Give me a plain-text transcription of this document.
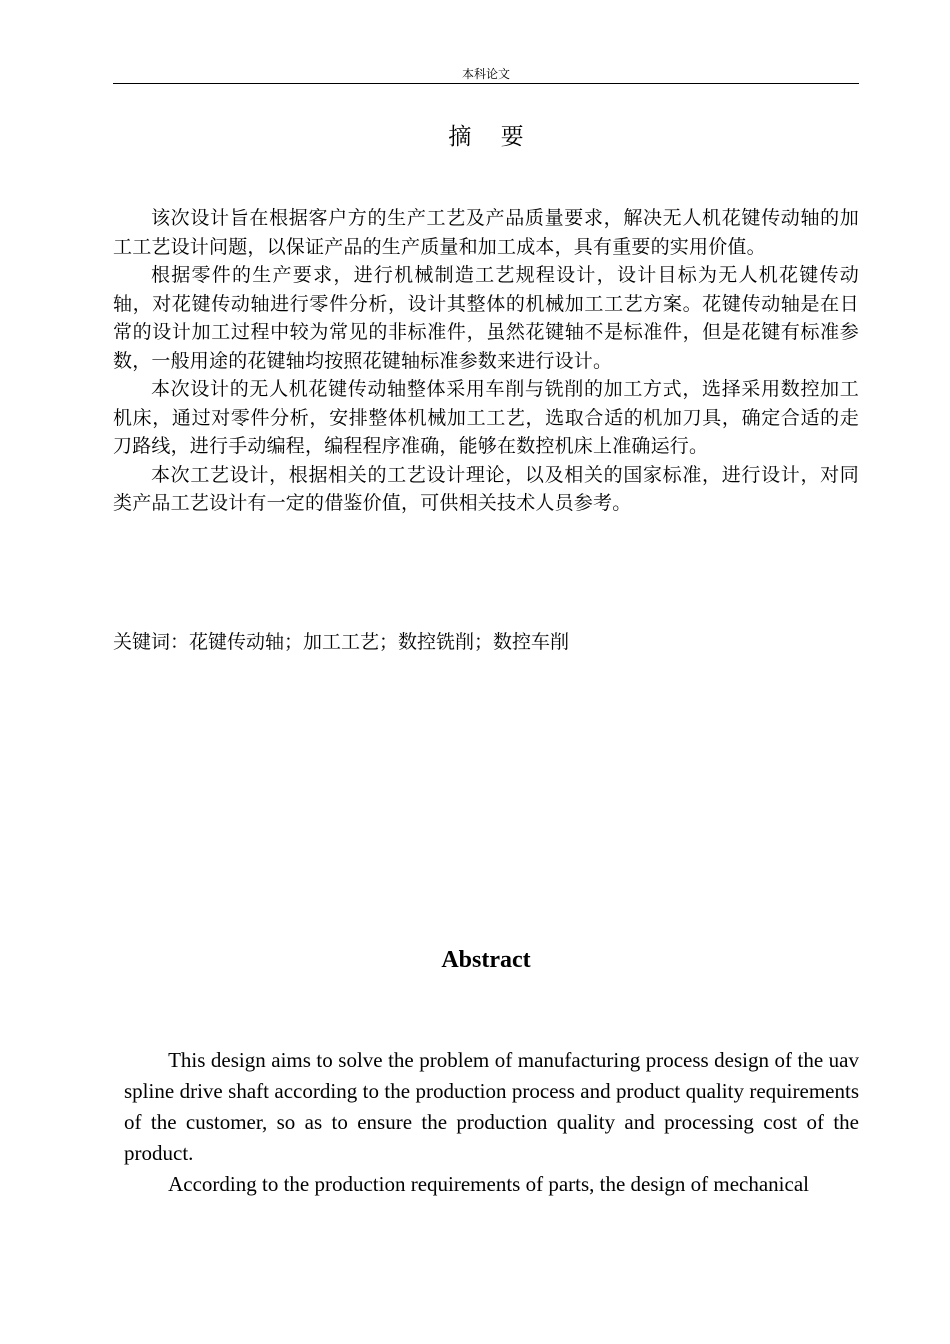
本科论文
摘    要

该次设计旨在根据客户方的生产工艺及产品质量要求，解决无人机花键传动轴的加工工艺设计问题，以保证产品的生产质量和加工成本，具有重要的实用价值。

根据零件的生产要求，进行机械制造工艺规程设计，设计目标为无人机花键传动轴，对花键传动轴进行零件分析，设计其整体的机械加工工艺方案。花键传动轴是在日常的设计加工过程中较为常见的非标准件，虽然花键轴不是标准件，但是花键有标准参数，一般用途的花键轴均按照花键轴标准参数来进行设计。

本次设计的无人机花键传动轴整体采用车削与铣削的加工方式，选择采用数控加工机床，通过对零件分析，安排整体机械加工工艺，选取合适的机加刀具，确定合适的走刀路线，进行手动编程，编程程序准确，能够在数控机床上准确运行。

本次工艺设计，根据相关的工艺设计理论，以及相关的国家标准，进行设计，对同类产品工艺设计有一定的借鉴价值，可供相关技术人员参考。

关键词：花键传动轴；加工工艺；数控铣削；数控车削
Abstract

This design aims to solve the problem of manufacturing process design of the uav spline drive shaft according to the production process and product quality requirements of the customer, so as to ensure the production quality and processing cost of the product.

According to the production requirements of parts, the design of mechanical
